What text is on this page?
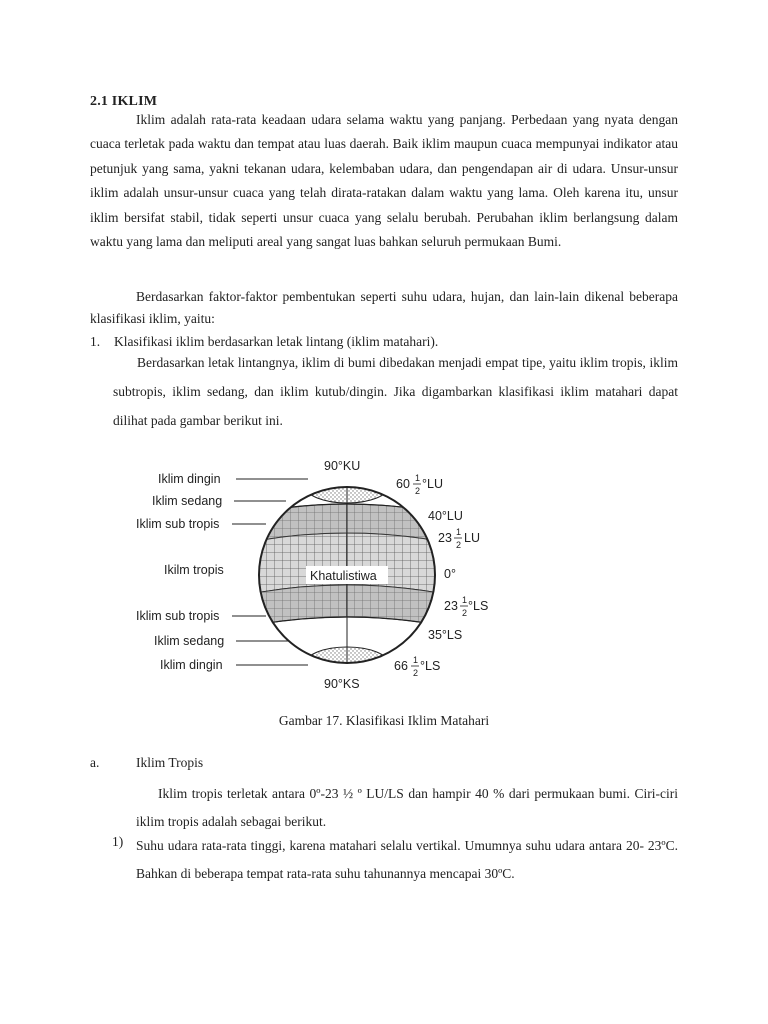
2.1 IKLIM
Iklim adalah rata-rata keadaan udara selama waktu yang panjang. Perbedaan yang nyata dengan cuaca terletak pada waktu dan tempat atau luas daerah. Baik iklim maupun cuaca mempunyai indikator atau petunjuk yang sama, yakni tekanan udara, kelembaban udara, dan pengendapan air di udara. Unsur-unsur iklim adalah unsur-unsur cuaca yang telah dirata-ratakan dalam waktu yang lama. Oleh karena itu, unsur iklim bersifat stabil, tidak seperti unsur cuaca yang selalu berubah. Perubahan iklim berlangsung dalam waktu yang lama dan meliputi areal yang sangat luas bahkan seluruh permukaan Bumi.
Berdasarkan faktor-faktor pembentukan seperti suhu udara, hujan, dan lain-lain dikenal beberapa klasifikasi iklim, yaitu:
1. Klasifikasi iklim berdasarkan letak lintang (iklim matahari).
Berdasarkan letak lintangnya, iklim di bumi dibedakan menjadi empat tipe, yaitu iklim tropis, iklim subtropis, iklim sedang, dan iklim kutub/dingin. Jika digambarkan klasifikasi iklim matahari dapat dilihat pada gambar berikut ini.
Khatulistiwa
90°KU
90°KS
Iklim dingin
Iklim sedang
Iklim sub tropis
Ikilm tropis
Iklim sub tropis
Iklim sedang
Iklim dingin
60 1
2 °LU
40°LU
23 1
2 LU
0°
23 1
2 °LS
35°LS
66 1
2 °LS
Gambar 17. Klasifikasi Iklim Matahari
a.	Iklim Tropis
Iklim tropis terletak antara 0º-23 ½ º LU/LS dan hampir 40 % dari permukaan bumi. Ciri-ciri iklim tropis adalah sebagai berikut.
1) Suhu udara rata-rata tinggi, karena matahari selalu vertikal. Umumnya suhu udara antara 20- 23ºC. Bahkan di beberapa tempat rata-rata suhu tahunannya mencapai 30ºC.
